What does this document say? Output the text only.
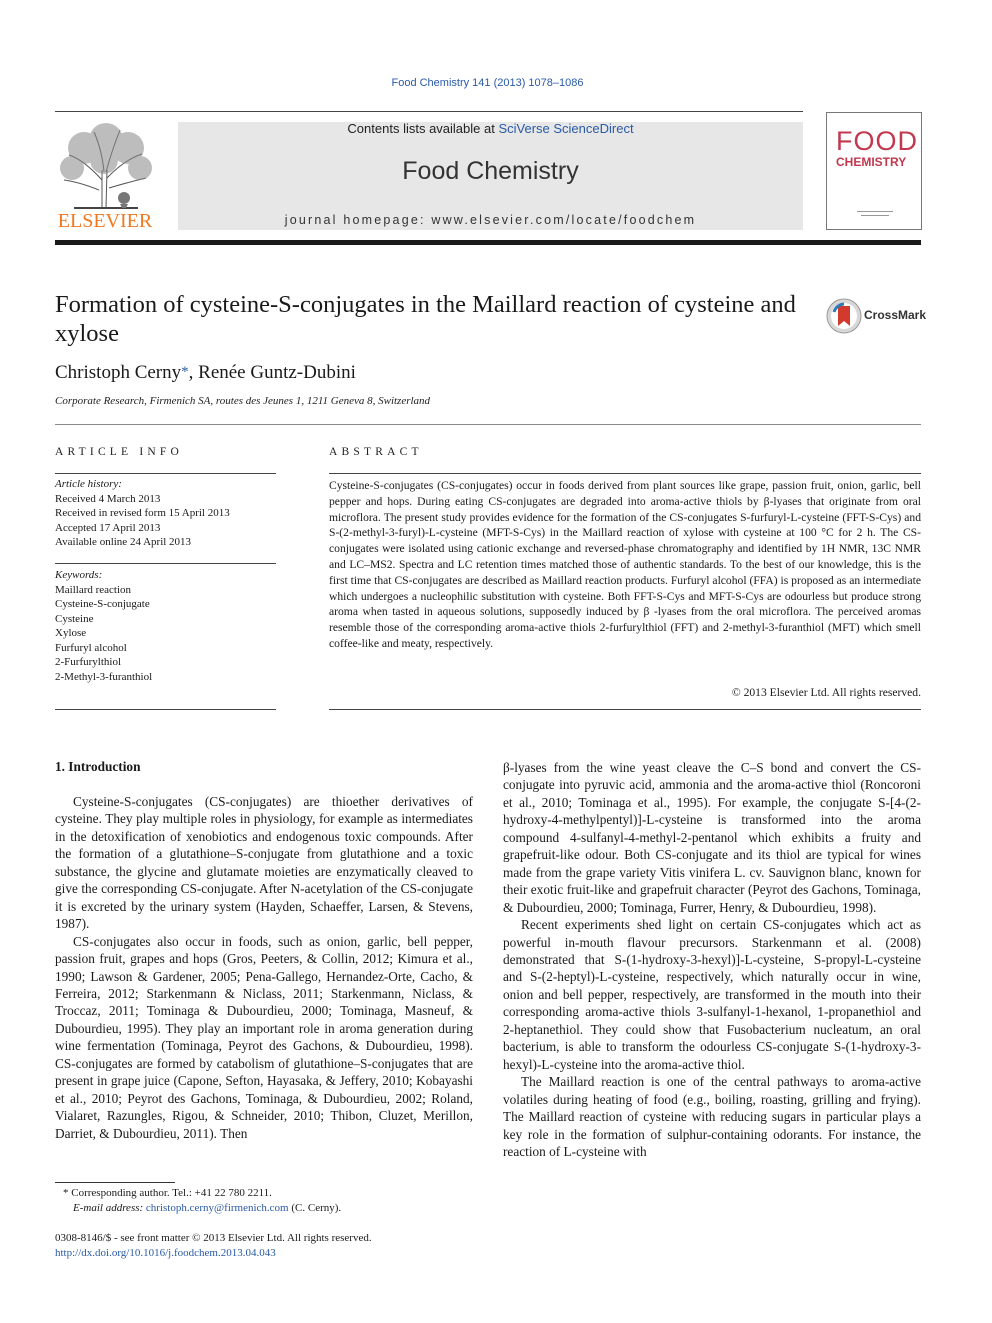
Food Chemistry 141 (2013) 1078–1086
ELSEVIER
Contents lists available at SciVerse ScienceDirect
Food Chemistry
journal homepage: www.elsevier.com/locate/foodchem
FOOD
CHEMISTRY
Formation of cysteine-S-conjugates in the Maillard reaction of cysteine and xylose
CrossMark
Christoph Cerny*, Renée Guntz-Dubini
Corporate Research, Firmenich SA, routes des Jeunes 1, 1211 Geneva 8, Switzerland
ARTICLE INFO	ABSTRACT
Article history:
Received 4 March 2013
Received in revised form 15 April 2013
Accepted 17 April 2013
Available online 24 April 2013
Keywords:
Maillard reaction
Cysteine-S-conjugate
Cysteine
Xylose
Furfuryl alcohol
2-Furfurylthiol
2-Methyl-3-furanthiol
Cysteine-S-conjugates (CS-conjugates) occur in foods derived from plant sources like grape, passion fruit, onion, garlic, bell pepper and hops. During eating CS-conjugates are degraded into aroma-active thiols by β-lyases that originate from oral microflora. The present study provides evidence for the formation of the CS-conjugates S-furfuryl-L-cysteine (FFT-S-Cys) and S-(2-methyl-3-furyl)-L-cysteine (MFT-S-Cys) in the Maillard reaction of xylose with cysteine at 100 °C for 2 h. The CS-conjugates were isolated using cationic exchange and reversed-phase chromatography and identified by 1H NMR, 13C NMR and LC–MS2. Spectra and LC retention times matched those of authentic standards. To the best of our knowledge, this is the first time that CS-conjugates are described as Maillard reaction products. Furfuryl alcohol (FFA) is proposed as an intermediate which undergoes a nucleophilic substitution with cysteine. Both FFT-S-Cys and MFT-S-Cys are odourless but produce strong aroma when tasted in aqueous solutions, supposedly induced by β -lyases from the oral microflora. The perceived aromas resemble those of the corresponding aroma-active thiols 2-furfurylthiol (FFT) and 2-methyl-3-furanthiol (MFT) which smell coffee-like and meaty, respectively.
© 2013 Elsevier Ltd. All rights reserved.
1. Introduction

Cysteine-S-conjugates (CS-conjugates) are thioether derivatives of cysteine. They play multiple roles in physiology, for example as intermediates in the detoxification of xenobiotics and endogenous toxic compounds. After the formation of a glutathione–S-conjugate from glutathione and a toxic substance, the glycine and glutamate moieties are enzymatically cleaved to give the corresponding CS-conjugate. After N-acetylation of the CS-conjugate it is excreted by the urinary system (Hayden, Schaeffer, Larsen, & Stevens, 1987).

CS-conjugates also occur in foods, such as onion, garlic, bell pepper, passion fruit, grapes and hops (Gros, Peeters, & Collin, 2012; Kimura et al., 1990; Lawson & Gardener, 2005; Pena-Gallego, Hernandez-Orte, Cacho, & Ferreira, 2012; Starkenmann & Niclass, 2011; Starkenmann, Niclass, & Troccaz, 2011; Tominaga & Dubourdieu, 2000; Tominaga, Masneuf, & Dubourdieu, 1995). They play an important role in aroma generation during wine fermentation (Tominaga, Peyrot des Gachons, & Dubourdieu, 1998). CS-conjugates are formed by catabolism of glutathione–S-conjugates that are present in grape juice (Capone, Sefton, Hayasaka, & Jeffery, 2010; Kobayashi et al., 2010; Peyrot des Gachons, Tominaga, & Dubourdieu, 2002; Roland, Vialaret, Razungles, Rigou, & Schneider, 2010; Thibon, Cluzet, Merillon, Darriet, & Dubourdieu, 2011). Then

β-lyases from the wine yeast cleave the C–S bond and convert the CS-conjugate into pyruvic acid, ammonia and the aroma-active thiol (Roncoroni et al., 2010; Tominaga et al., 1995). For example, the conjugate S-[4-(2-hydroxy-4-methylpentyl)]-L-cysteine is transformed into the aroma compound 4-sulfanyl-4-methyl-2-pentanol which exhibits a fruity and grapefruit-like odour. Both CS-conjugate and its thiol are typical for wines made from the grape variety Vitis vinifera L. cv. Sauvignon blanc, known for their exotic fruit-like and grapefruit character (Peyrot des Gachons, Tominaga, & Dubourdieu, 2000; Tominaga, Furrer, Henry, & Dubourdieu, 1998).

Recent experiments shed light on certain CS-conjugates which act as powerful in-mouth flavour precursors. Starkenmann et al. (2008) demonstrated that S-(1-hydroxy-3-hexyl)]-L-cysteine, S-propyl-L-cysteine and S-(2-heptyl)-L-cysteine, respectively, which naturally occur in wine, onion and bell pepper, respectively, are transformed in the mouth into their corresponding aroma-active thiols 3-sulfanyl-1-hexanol, 1-propanethiol and 2-heptanethiol. They could show that Fusobacterium nucleatum, an oral bacterium, is able to transform the odourless CS-conjugate S-(1-hydroxy-3-hexyl)-L-cysteine into the aroma-active thiol.

The Maillard reaction is one of the central pathways to aroma-active volatiles during heating of food (e.g., boiling, roasting, grilling and frying). The Maillard reaction of cysteine with reducing sugars in particular plays a key role in the formation of sulphur-containing odorants. For instance, the reaction of L-cysteine with

* Corresponding author. Tel.: +41 22 780 2211.
E-mail address: christoph.cerny@firmenich.com (C. Cerny).
0308-8146/$ - see front matter © 2013 Elsevier Ltd. All rights reserved.
http://dx.doi.org/10.1016/j.foodchem.2013.04.043
